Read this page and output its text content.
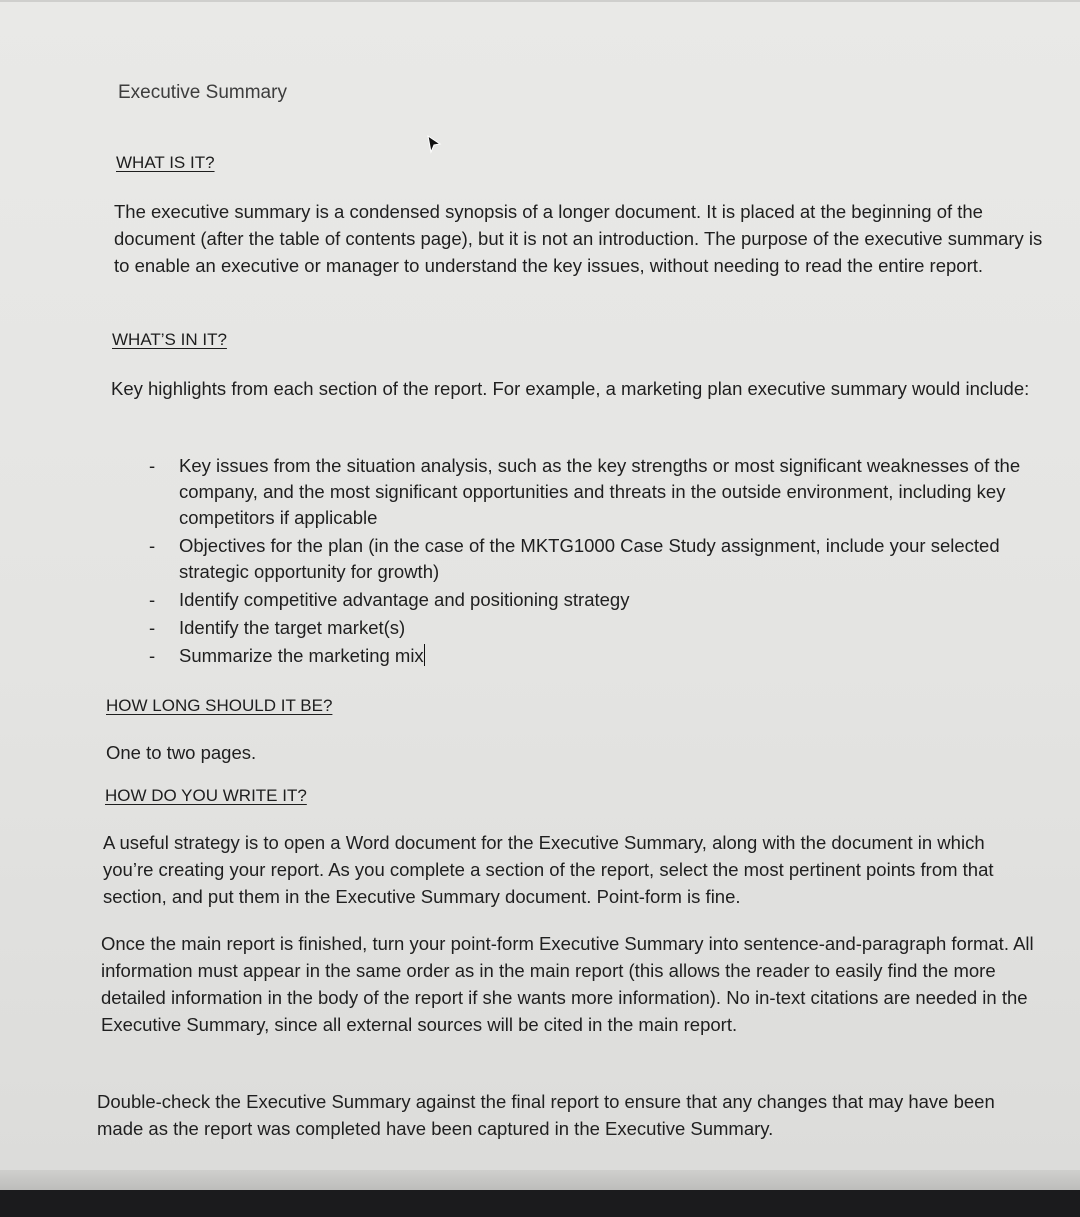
Executive Summary
WHAT IS IT?
The executive summary is a condensed synopsis of a longer document. It is placed at the beginning of the document (after the table of contents page), but it is not an introduction. The purpose of the executive summary is to enable an executive or manager to understand the key issues, without needing to read the entire report.
WHAT’S IN IT?
Key highlights from each section of the report. For example, a marketing plan executive summary would include:
- Key issues from the situation analysis, such as the key strengths or most significant weaknesses of the company, and the most significant opportunities and threats in the outside environment, including key competitors if applicable
- Objectives for the plan (in the case of the MKTG1000 Case Study assignment, include your selected strategic opportunity for growth)
- Identify competitive advantage and positioning strategy
- Identify the target market(s)
- Summarize the marketing mix
HOW LONG SHOULD IT BE?
One to two pages.
HOW DO YOU WRITE IT?
A useful strategy is to open a Word document for the Executive Summary, along with the document in which you’re creating your report. As you complete a section of the report, select the most pertinent points from that section, and put them in the Executive Summary document. Point-form is fine.
Once the main report is finished, turn your point-form Executive Summary into sentence-and-paragraph format. All information must appear in the same order as in the main report (this allows the reader to easily find the more detailed information in the body of the report if she wants more information). No in-text citations are needed in the Executive Summary, since all external sources will be cited in the main report.
Double-check the Executive Summary against the final report to ensure that any changes that may have been made as the report was completed have been captured in the Executive Summary.
